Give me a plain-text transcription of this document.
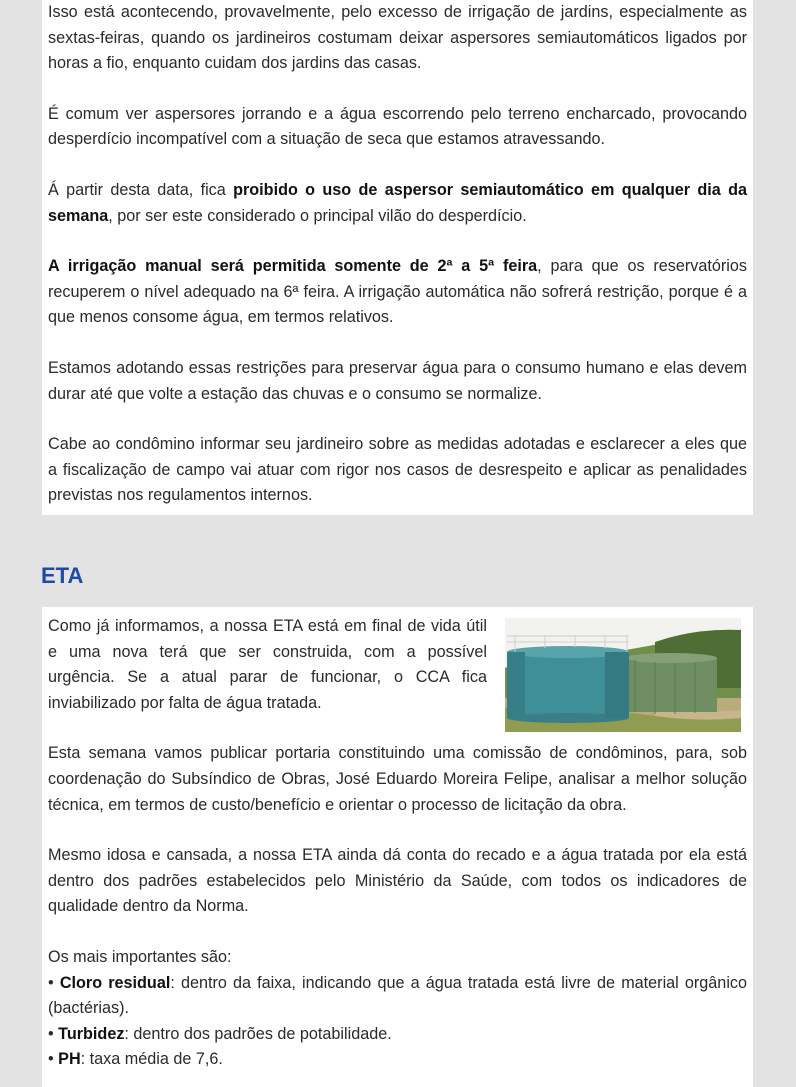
Isso está acontecendo, provavelmente, pelo excesso de irrigação de jardins, especialmente as sextas-feiras, quando os jardineiros costumam deixar aspersores semiautomáticos ligados por horas a fio, enquanto cuidam dos jardins das casas.

É comum ver aspersores jorrando e a água escorrendo pelo terreno encharcado, provocando desperdício incompatível com a situação de seca que estamos atravessando.

Á partir desta data, fica proibido o uso de aspersor semiautomático em qualquer dia da semana, por ser este considerado o principal vilão do desperdício.

A irrigação manual será permitida somente de 2ª a 5ª feira, para que os reservatórios recuperem o nível adequado na 6ª feira. A irrigação automática não sofrerá restrição, porque é a que menos consome água, em termos relativos.

Estamos adotando essas restrições para preservar água para o consumo humano e elas devem durar até que volte a estação das chuvas e o consumo se normalize.

Cabe ao condômino informar seu jardineiro sobre as medidas adotadas e esclarecer a eles que a fiscalização de campo vai atuar com rigor nos casos de desrespeito e aplicar as penalidades previstas nos regulamentos internos.

ETA

Como já informamos, a nossa ETA está em final de vida útil e uma nova terá que ser construida, com a possível urgência. Se a atual parar de funcionar, o CCA fica inviabilizado por falta de água tratada.

Esta semana vamos publicar portaria constituindo uma comissão de condôminos, para, sob coordenação do Subsíndico de Obras, José Eduardo Moreira Felipe, analisar a melhor solução técnica, em termos de custo/benefício e orientar o processo de licitação da obra.

Mesmo idosa e cansada, a nossa ETA ainda dá conta do recado e a água tratada por ela está dentro dos padrões estabelecidos pelo Ministério da Saúde, com todos os indicadores de qualidade dentro da Norma.

Os mais importantes são:
• Cloro residual: dentro da faixa, indicando que a água tratada está livre de material orgânico (bactérias).
• Turbidez: dentro dos padrões de potabilidade.
• PH: taxa média de 7,6.
